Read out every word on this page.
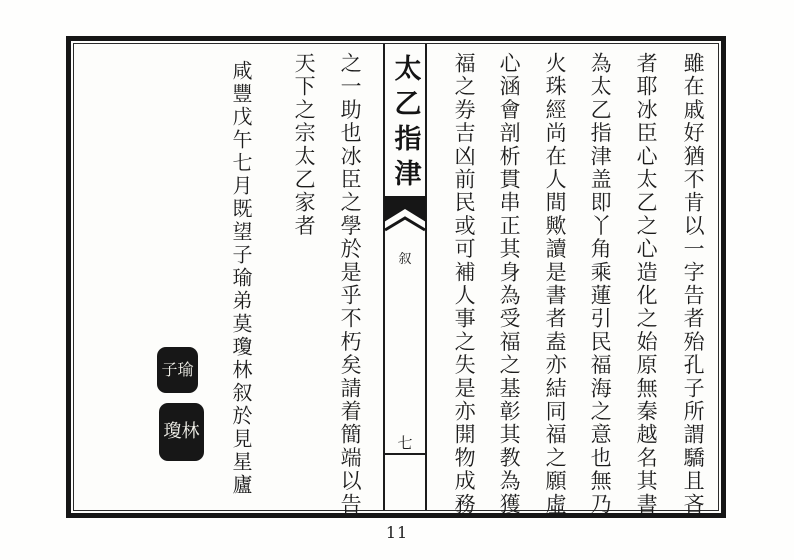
雖在戚好猶不肯以一字告者殆孔子所謂驕且吝
者耶冰臣心太乙之心造化之始原無秦越名其書
為太乙指津盖即丫角乘蓮引民福海之意也無乃
火珠經尚在人間歟讀是書者盍亦結同福之願虛
心涵會剖析貫串正其身為受福之基彰其教為獲
福之券吉凶前民或可補人事之失是亦開物成務
太乙指津
叙
七
之一助也冰臣之學於是乎不朽矣請着簡端以告
天下之宗太乙家者
咸豐戊午七月既望子瑜弟莫瓊林叙於見星廬
子瑜
瓊林
11
